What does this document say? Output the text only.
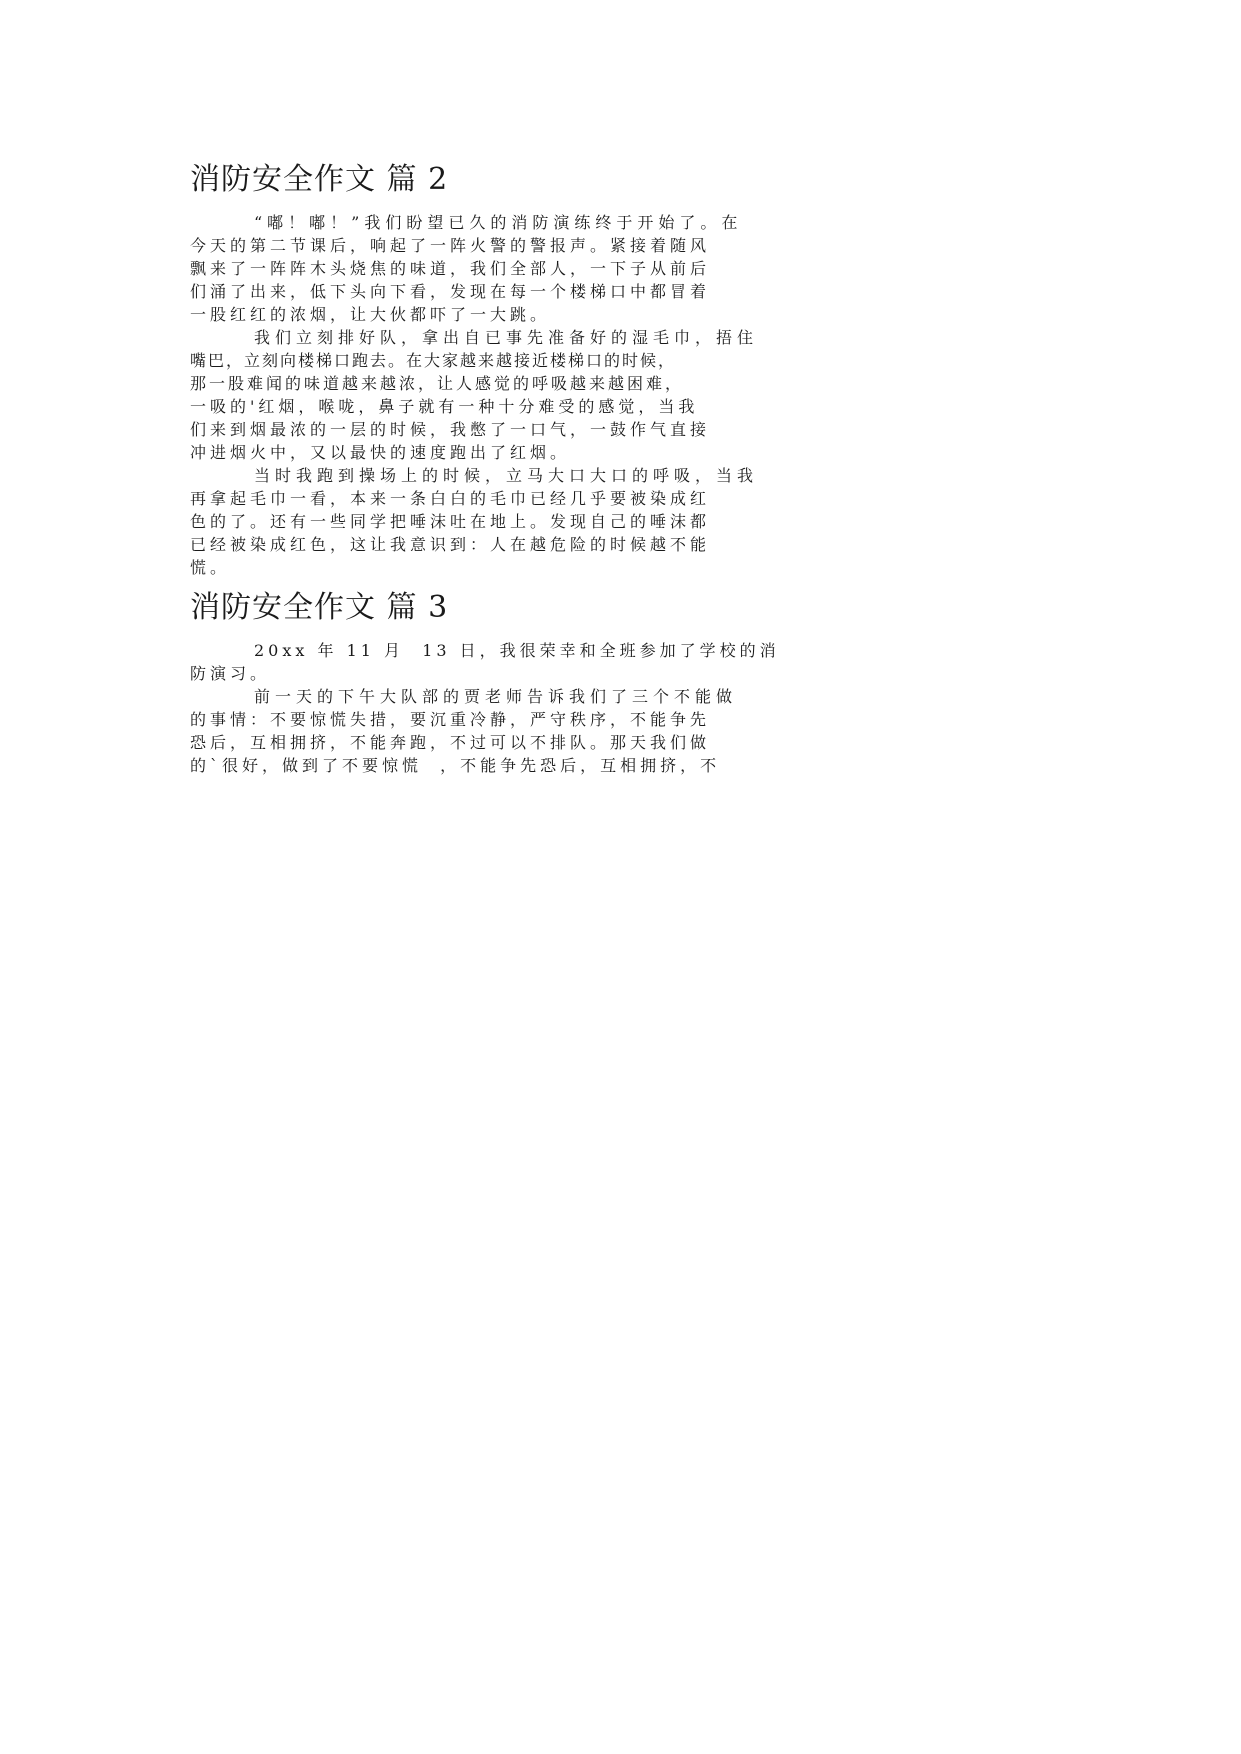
消防安全作文 篇 2

“嘟！嘟！”我们盼望已久的消防演练终于开始了。在
今天的第二节课后，响起了一阵火警的警报声。紧接着随风
飘来了一阵阵木头烧焦的味道，我们全部人，一下子从前后
们涌了出来，低下头向下看，发现在每一个楼梯口中都冒着
一股红红的浓烟，让大伙都吓了一大跳。
我们立刻排好队，拿出自已事先准备好的湿毛巾，捂住
嘴巴，立刻向楼梯口跑去。在大家越来越接近楼梯口的时候，
那一股难闻的味道越来越浓，让人感觉的呼吸越来越困难，
一吸的'红烟，喉咙，鼻子就有一种十分难受的感觉，当我
们来到烟最浓的一层的时候，我憋了一口气，一鼓作气直接
冲进烟火中，又以最快的速度跑出了红烟。
当时我跑到操场上的时候，立马大口大口的呼吸，当我
再拿起毛巾一看，本来一条白白的毛巾已经几乎要被染成红
色的了。还有一些同学把唾沫吐在地上。发现自己的唾沫都
已经被染成红色，这让我意识到：人在越危险的时候越不能
慌。

消防安全作文 篇 3

20xx 年 11 月  13 日，我很荣幸和全班参加了学校的消
防演习。
前一天的下午大队部的贾老师告诉我们了三个不能做
的事情：不要惊慌失措，要沉重冷静，严守秩序，不能争先
恐后，互相拥挤，不能奔跑，不过可以不排队。那天我们做
的`很好，做到了不要惊慌  ，不能争先恐后，互相拥挤，不
